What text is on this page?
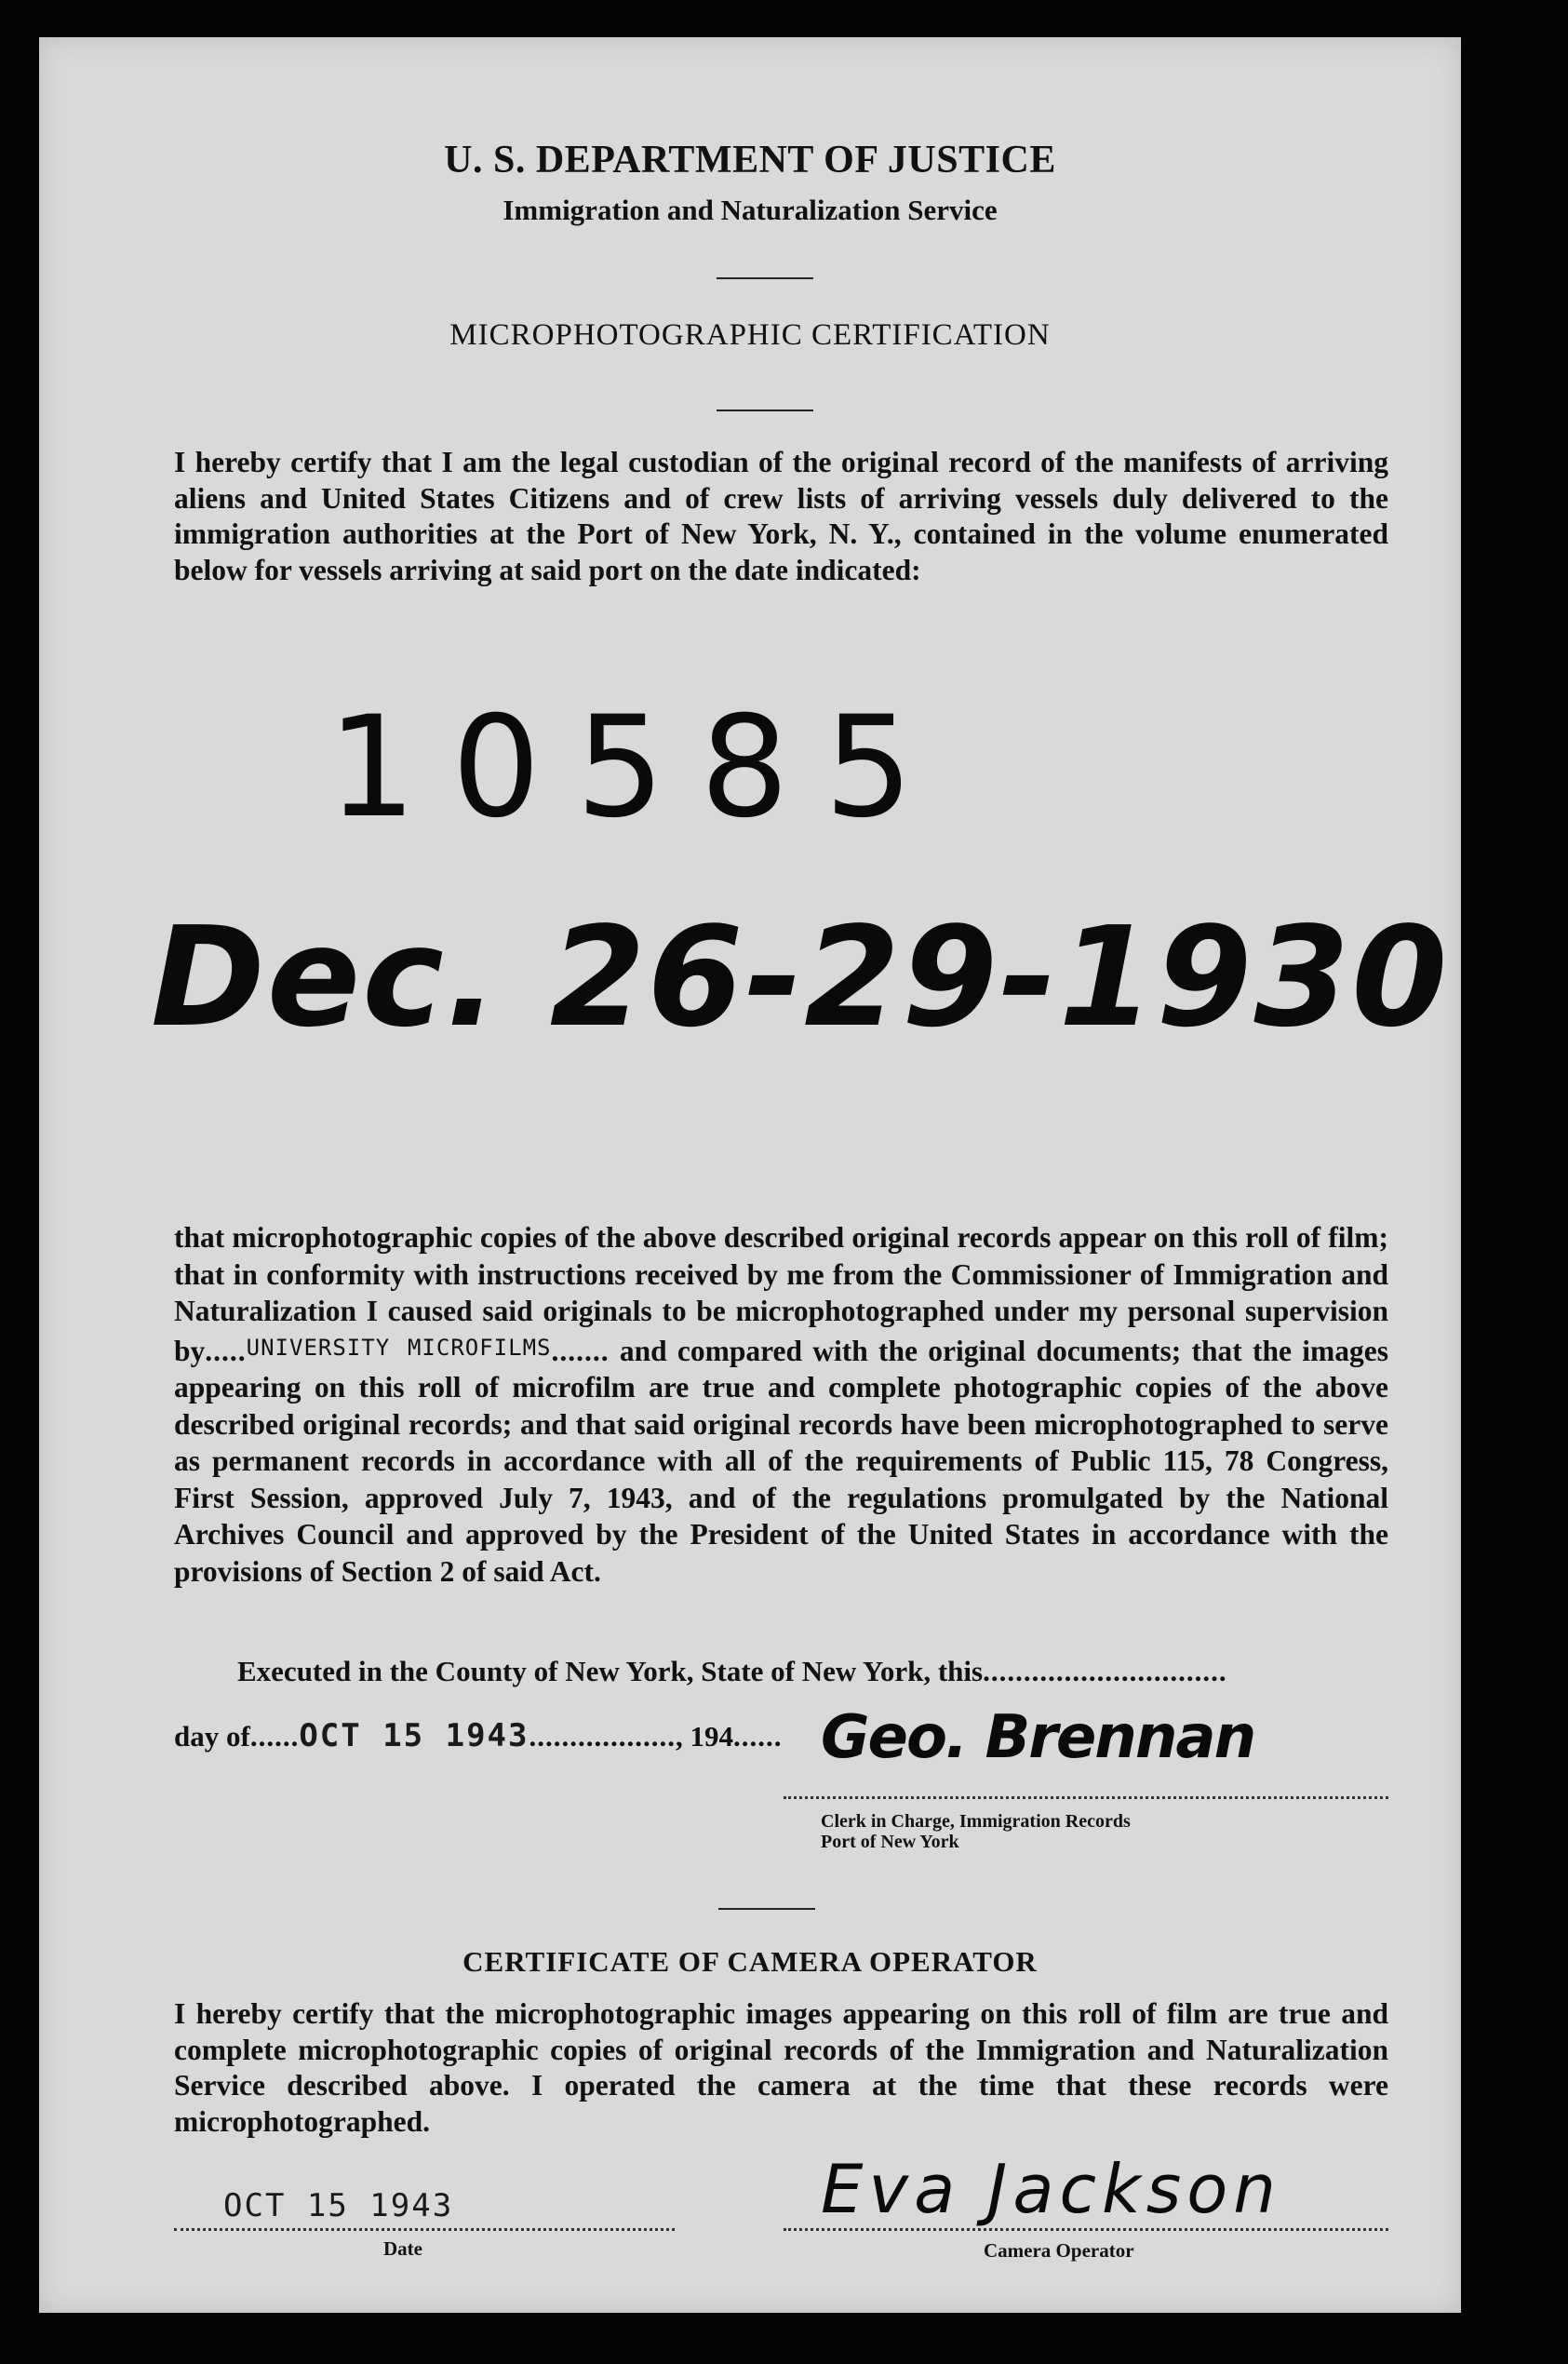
U. S. DEPARTMENT OF JUSTICE
Immigration and Naturalization Service
MICROPHOTOGRAPHIC CERTIFICATION
I hereby certify that I am the legal custodian of the original record of the manifests of arriving aliens and United States Citizens and of crew lists of arriving vessels duly delivered to the immigration authorities at the Port of New York, N. Y., contained in the volume enumerated below for vessels arriving at said port on the date indicated:
10585
Dec. 26-29-1930
that microphotographic copies of the above described original records appear on this roll of film; that in conformity with instructions received by me from the Commissioner of Immigration and Naturalization I caused said originals to be microphotographed under my personal supervision by.....UNIVERSITY MICROFILMS....... and compared with the original documents; that the images appearing on this roll of microfilm are true and complete photographic copies of the above described original records; and that said original records have been microphotographed to serve as permanent records in accordance with all of the requirements of Public 115, 78 Congress, First Session, approved July 7, 1943, and of the regulations promulgated by the National Archives Council and approved by the President of the United States in accordance with the provisions of Section 2 of said Act.
Executed in the County of New York, State of New York, this..............................
day of......OCT 15 1943.................., 194...... Geo. Brennan
Clerk in Charge, Immigration Records
Port of New York
CERTIFICATE OF CAMERA OPERATOR
I hereby certify that the microphotographic images appearing on this roll of film are true and complete microphotographic copies of original records of the Immigration and Naturalization Service described above. I operated the camera at the time that these records were microphotographed.
OCT 15 1943
Date
Eva Jackson
Camera Operator
